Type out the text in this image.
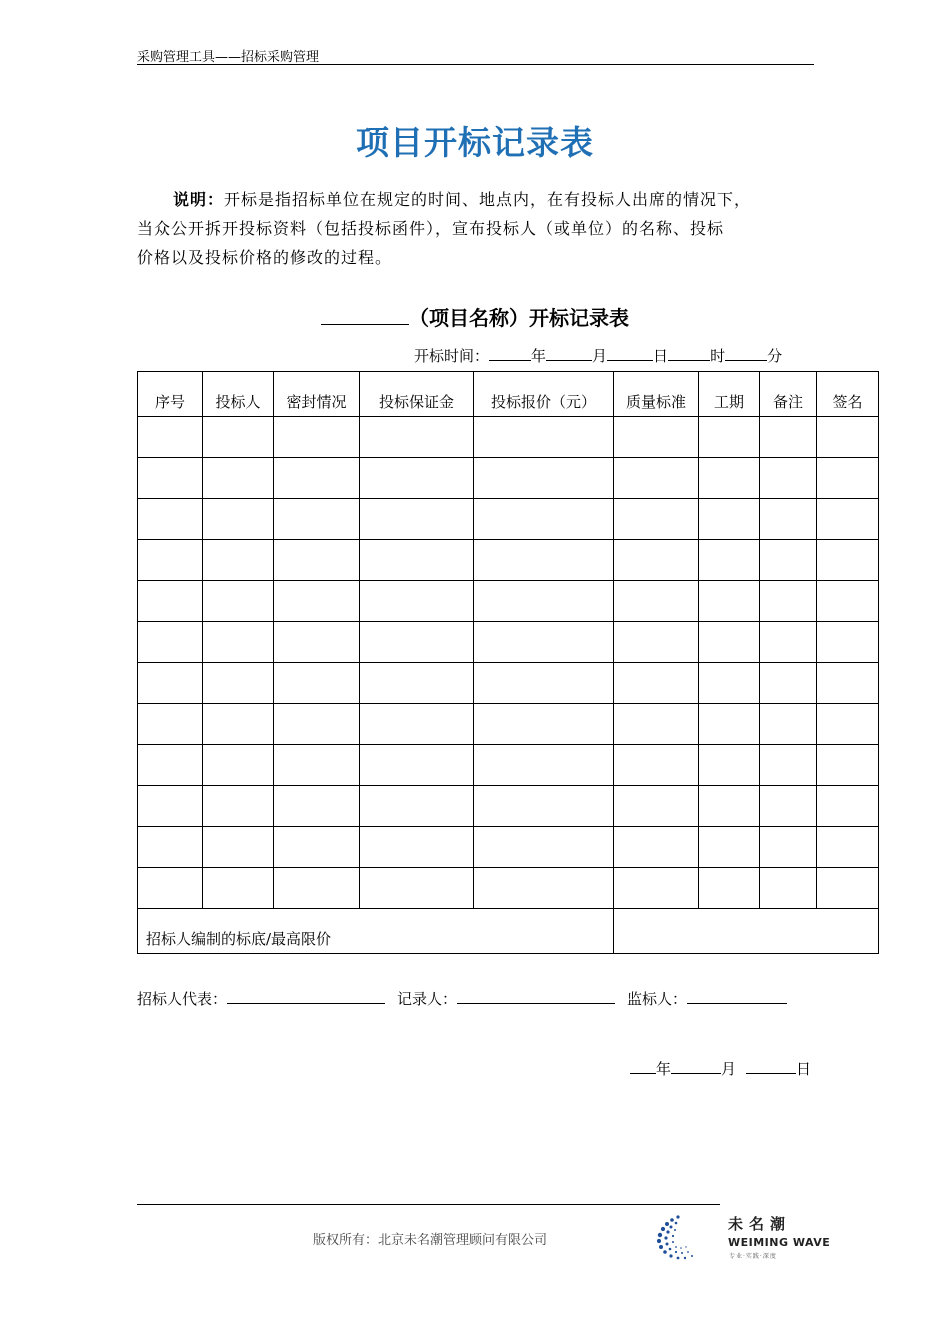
采购管理工具——招标采购管理
项目开标记录表

说明：开标是指招标单位在规定的时间、地点内，在有投标人出席的情况下，

当众公开拆开投标资料（包括投标函件），宣布投标人（或单位）的名称、投标

价格以及投标价格的修改的过程。

（项目名称）开标记录表
开标时间：	年	月	日	时	分
序号	投标人	密封情况	投标保证金	投标报价（元）	质量标准	工期	备注	签名

招标人编制的标底/最高限价								
招标人代表：	记录人：	监标人：
年	月	日
版权所有：北京未名潮管理顾问有限公司
未名潮
WEIMING WAVE
专业·实践·深度
